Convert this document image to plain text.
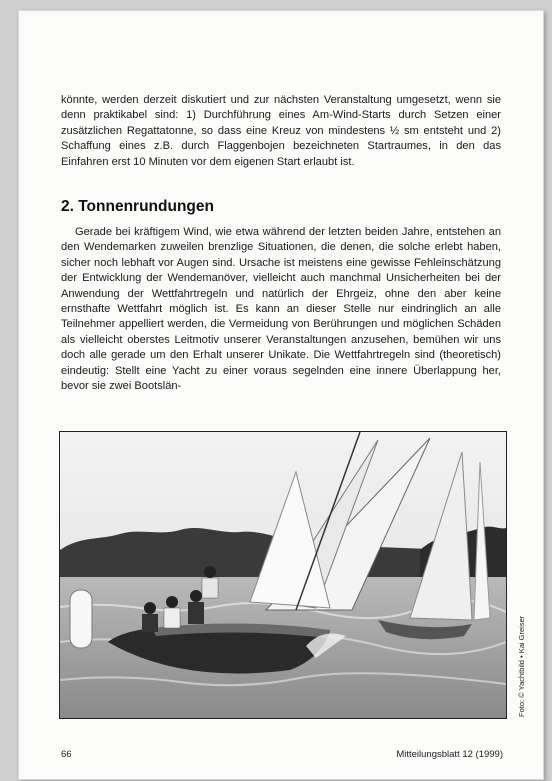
könnte, werden derzeit diskutiert und zur nächsten Veranstaltung umgesetzt, wenn sie denn praktikabel sind: 1) Durchführung eines Am-Wind-Starts durch Setzen einer zusätzlichen Regattatonne, so dass eine Kreuz von mindestens ½ sm entsteht und 2) Schaffung eines z.B. durch Flaggenbojen bezeichneten Startraumes, in den das Einfahren erst 10 Minuten vor dem eigenen Start erlaubt ist.

2. Tonnenrundungen

Gerade bei kräftigem Wind, wie etwa während der letzten beiden Jahre, entstehen an den Wendemarken zuweilen brenzlige Situationen, die denen, die solche erlebt haben, sicher noch lebhaft vor Augen sind. Ursache ist meistens eine gewisse Fehleinschätzung der Entwicklung der Wendemanöver, vielleicht auch manchmal Unsicherheiten bei der Anwendung der Wettfahrtregeln und natürlich der Ehrgeiz, ohne den aber keine ernsthafte Wettfahrt möglich ist. Es kann an dieser Stelle nur eindringlich an alle Teilnehmer appelliert werden, die Vermeidung von Berührungen und möglichen Schäden als vielleicht oberstes Leitmotiv unserer Veranstaltungen anzusehen, bemühen wir uns doch alle gerade um den Erhalt unserer Unikate. Die Wettfahrtregeln sind (theoretisch) eindeutig: Stellt eine Yacht zu einer voraus segelnden eine innere Überlappung her, bevor sie zwei Bootslän-

Foto: © Yachtbild • Kai Greiser
66	Mitteilungsblatt 12 (1999)
